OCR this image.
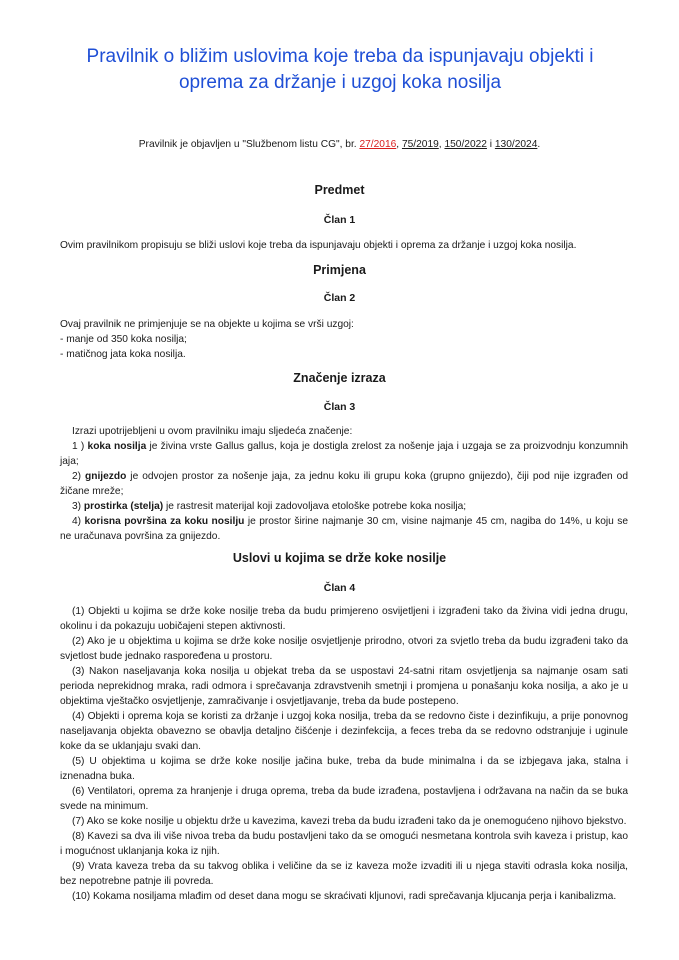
Pravilnik o bližim uslovima koje treba da ispunjavaju objekti i oprema za držanje i uzgoj koka nosilja
Pravilnik je objavljen u "Službenom listu CG", br. 27/2016, 75/2019, 150/2022 i 130/2024.
Predmet
Član 1
Ovim pravilnikom propisuju se bliži uslovi koje treba da ispunjavaju objekti i oprema za držanje i uzgoj koka nosilja.
Primjena
Član 2
Ovaj pravilnik ne primjenjuje se na objekte u kojima se vrši uzgoj:
- manje od 350 koka nosilja;
- matičnog jata koka nosilja.
Značenje izraza
Član 3
Izrazi upotrijebljeni u ovom pravilniku imaju sljedeća značenje:
1 ) koka nosilja je živina vrste Gallus gallus, koja je dostigla zrelost za nošenje jaja i uzgaja se za proizvodnju konzumnih jaja;
2) gnijezdo je odvojen prostor za nošenje jaja, za jednu koku ili grupu koka (grupno gnijezdo), čiji pod nije izgrađen od žičane mreže;
3) prostirka (stelja) je rastresit materijal koji zadovoljava etološke potrebe koka nosilja;
4) korisna površina za koku nosilju je prostor širine najmanje 30 cm, visine najmanje 45 cm, nagiba do 14%, u koju se ne uračunava površina za gnijezdo.
Uslovi u kojima se drže koke nosilje
Član 4
(1) Objekti u kojima se drže koke nosilje treba da budu primjereno osvijetljeni i izgrađeni tako da živina vidi jedna drugu, okolinu i da pokazuju uobičajeni stepen aktivnosti.
(2) Ako je u objektima u kojima se drže koke nosilje osvjetljenje prirodno, otvori za svjetlo treba da budu izgrađeni tako da svjetlost bude jednako raspoređena u prostoru.
(3) Nakon naseljavanja koka nosilja u objekat treba da se uspostavi 24-satni ritam osvjetljenja sa najmanje osam sati perioda neprekidnog mraka, radi odmora i sprečavanja zdravstvenih smetnji i promjena u ponašanju koka nosilja, a ako je u objektima vještačko osvjetljenje, zamračivanje i osvjetljavanje, treba da bude postepeno.
(4) Objekti i oprema koja se koristi za držanje i uzgoj koka nosilja, treba da se redovno čiste i dezinfikuju, a prije ponovnog naseljavanja objekta obavezno se obavlja detaljno čišćenje i dezinfekcija, a feces treba da se redovno odstranjuje i uginule koke da se uklanjaju svaki dan.
(5) U objektima u kojima se drže koke nosilje jačina buke, treba da bude minimalna i da se izbjegava jaka, stalna i iznenadna buka.
(6) Ventilatori, oprema za hranjenje i druga oprema, treba da bude izrađena, postavljena i održavana na način da se buka svede na minimum.
(7) Ako se koke nosilje u objektu drže u kavezima, kavezi treba da budu izrađeni tako da je onemogućeno njihovo bjekstvo.
(8) Kavezi sa dva ili više nivoa treba da budu postavljeni tako da se omogući nesmetana kontrola svih kaveza i pristup, kao i mogućnost uklanjanja koka iz njih.
(9) Vrata kaveza treba da su takvog oblika i veličine da se iz kaveza može izvaditi ili u njega staviti odrasla koka nosilja, bez nepotrebne patnje ili povreda.
(10) Kokama nosiljama mlađim od deset dana mogu se skraćivati kljunovi, radi sprečavanja kljucanja perja i kanibalizma.
